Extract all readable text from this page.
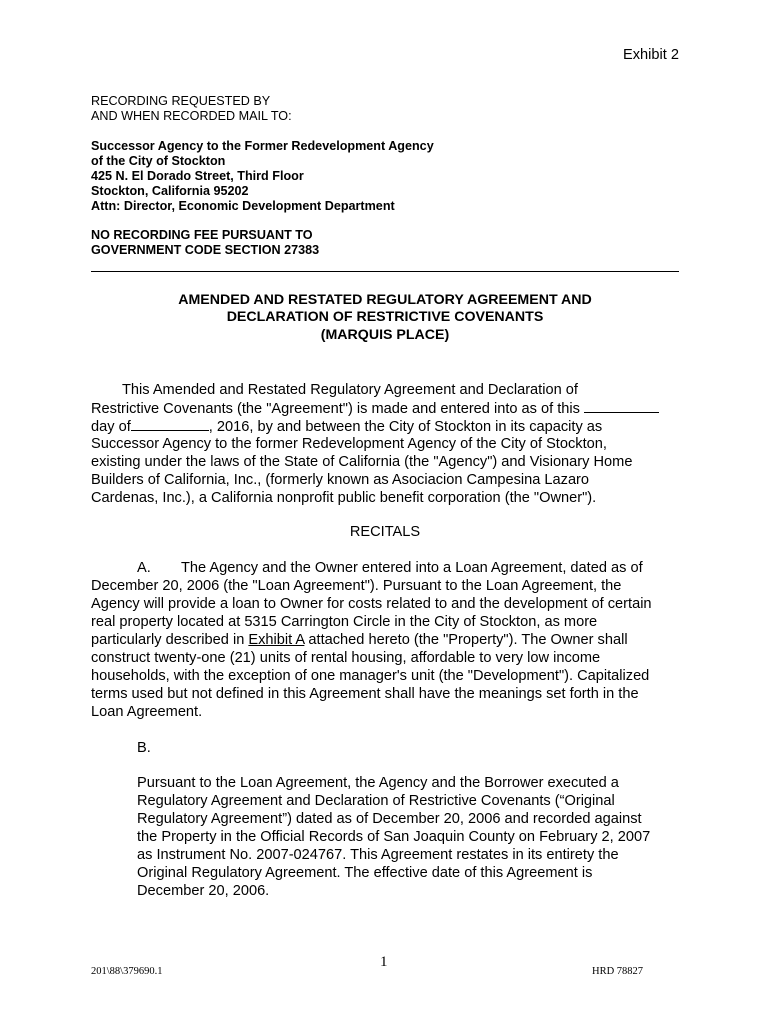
Exhibit 2
RECORDING REQUESTED BY
AND WHEN RECORDED MAIL TO:
Successor Agency to the Former Redevelopment Agency
of the City of Stockton
425 N. El Dorado Street, Third Floor
Stockton, California 95202
Attn: Director, Economic Development Department
NO RECORDING FEE PURSUANT TO
GOVERNMENT CODE SECTION 27383
AMENDED AND RESTATED REGULATORY AGREEMENT AND
DECLARATION OF RESTRICTIVE COVENANTS
(MARQUIS PLACE)
This Amended and Restated Regulatory Agreement and Declaration of
Restrictive Covenants (the "Agreement") is made and entered into as of this
day of	, 2016, by and between the City of Stockton in its capacity as
Successor Agency to the former Redevelopment Agency of the City of Stockton,
existing under the laws of the State of California (the "Agency") and Visionary Home
Builders of California, Inc., (formerly known as Asociacion Campesina Lazaro
Cardenas, Inc.), a California nonprofit public benefit corporation (the "Owner").
RECITALS
A. The Agency and the Owner entered into a Loan Agreement, dated as of
December 20, 2006 (the "Loan Agreement"). Pursuant to the Loan Agreement, the
Agency will provide a loan to Owner for costs related to and the development of certain
real property located at 5315 Carrington Circle in the City of Stockton, as more
particularly described in Exhibit A attached hereto (the "Property"). The Owner shall
construct twenty-one (21) units of rental housing, affordable to very low income
households, with the exception of one manager's unit (the "Development"). Capitalized
terms used but not defined in this Agreement shall have the meanings set forth in the
Loan Agreement.
B.
Pursuant to the Loan Agreement, the Agency and the Borrower executed a
Regulatory Agreement and Declaration of Restrictive Covenants (“Original
Regulatory Agreement”) dated as of December 20, 2006 and recorded against
the Property in the Official Records of San Joaquin County on February 2, 2007
as Instrument No. 2007-024767. This Agreement restates in its entirety the
Original Regulatory Agreement. The effective date of this Agreement is
December 20, 2006.
201\88\379690.1
1
HRD 78827
